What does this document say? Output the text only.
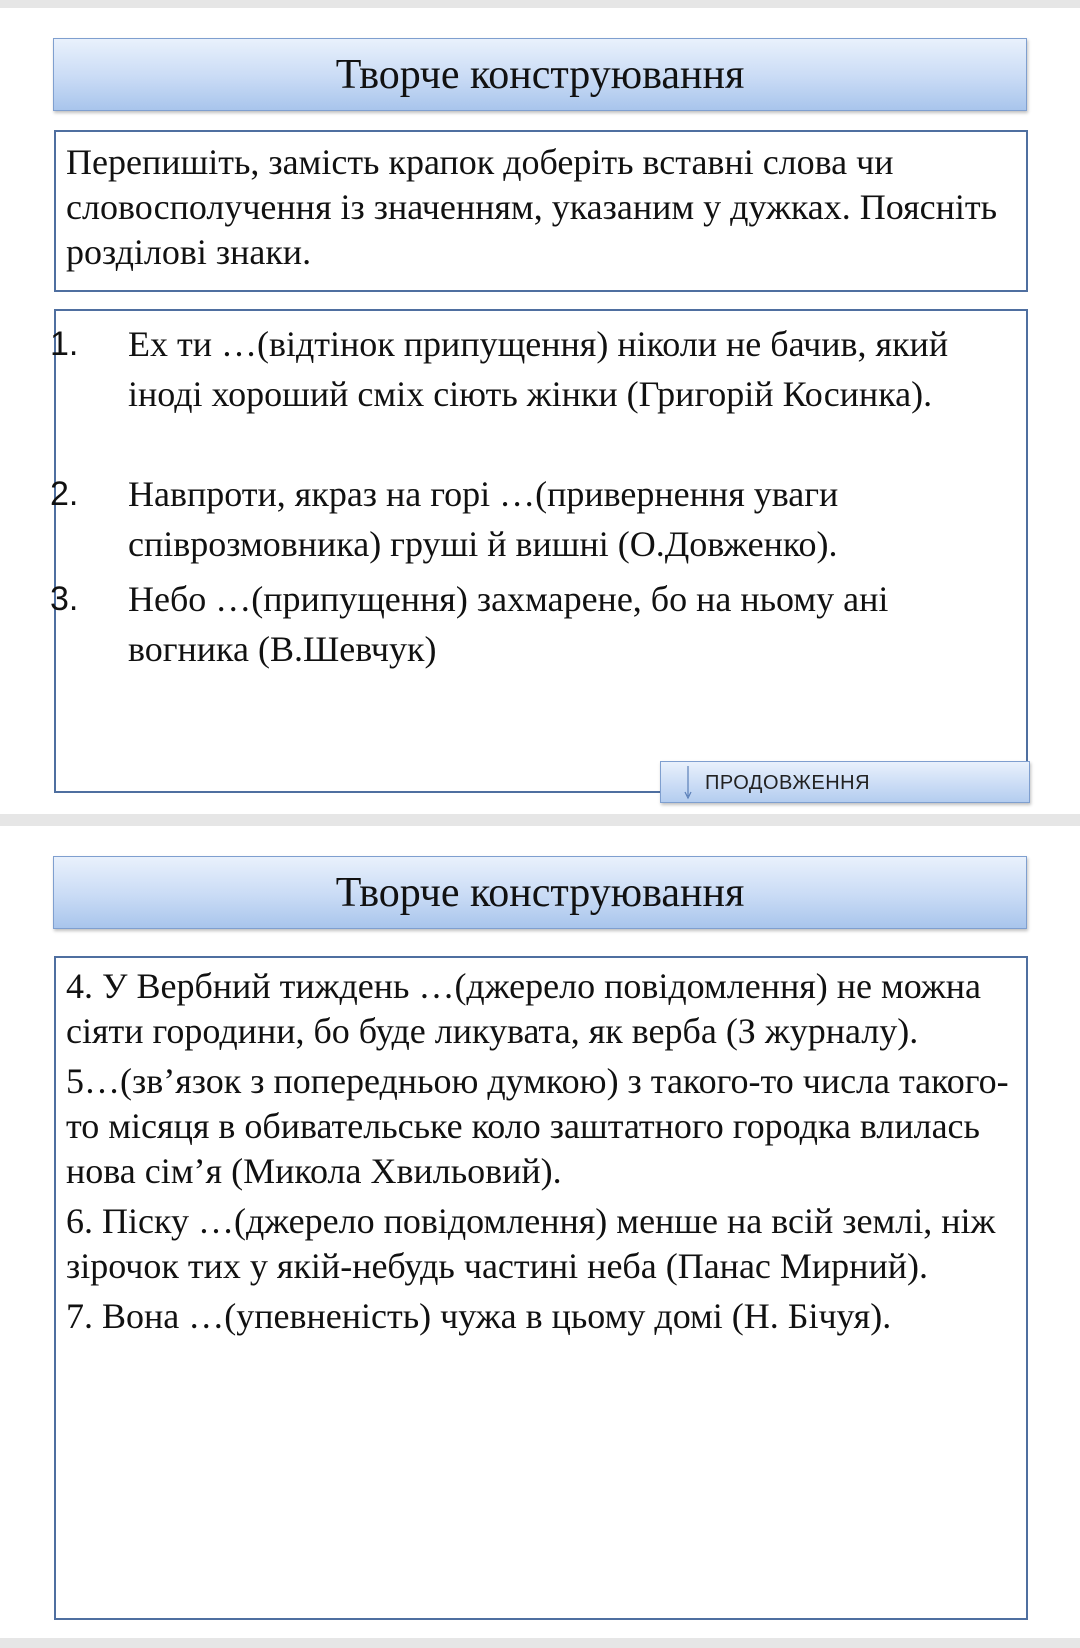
Творче конструювання
Перепишіть, замість крапок доберіть вставні слова чи словосполучення із значенням, указаним у дужках. Поясніть розділові знаки.
1. Ех ти …(відтінок припущення) ніколи не бачив, який іноді хороший сміх сіють жінки (Григорій Косинка).
2. Навпроти, якраз на горі …(привернення уваги співрозмовника) груші й вишні (О.Довженко).
3. Небо …(припущення) захмарене, бо на ньому ані вогника (В.Шевчук)
ПРОДОВЖЕННЯ
Творче конструювання

4. У Вербний тиждень …(джерело повідомлення) не можна сіяти городини, бо буде ликувата, як верба (З журналу).

5…(зв’язок з попередньою думкою) з такого-то числа такого-то місяця в обивательське коло заштатного городка влилась нова сім’я (Микола Хвильовий).

6. Піску …(джерело повідомлення) менше на всій землі, ніж зірочок тих у якій-небудь частині неба (Панас Мирний).

7. Вона …(упевненість) чужа в цьому домі (Н. Бічуя).
